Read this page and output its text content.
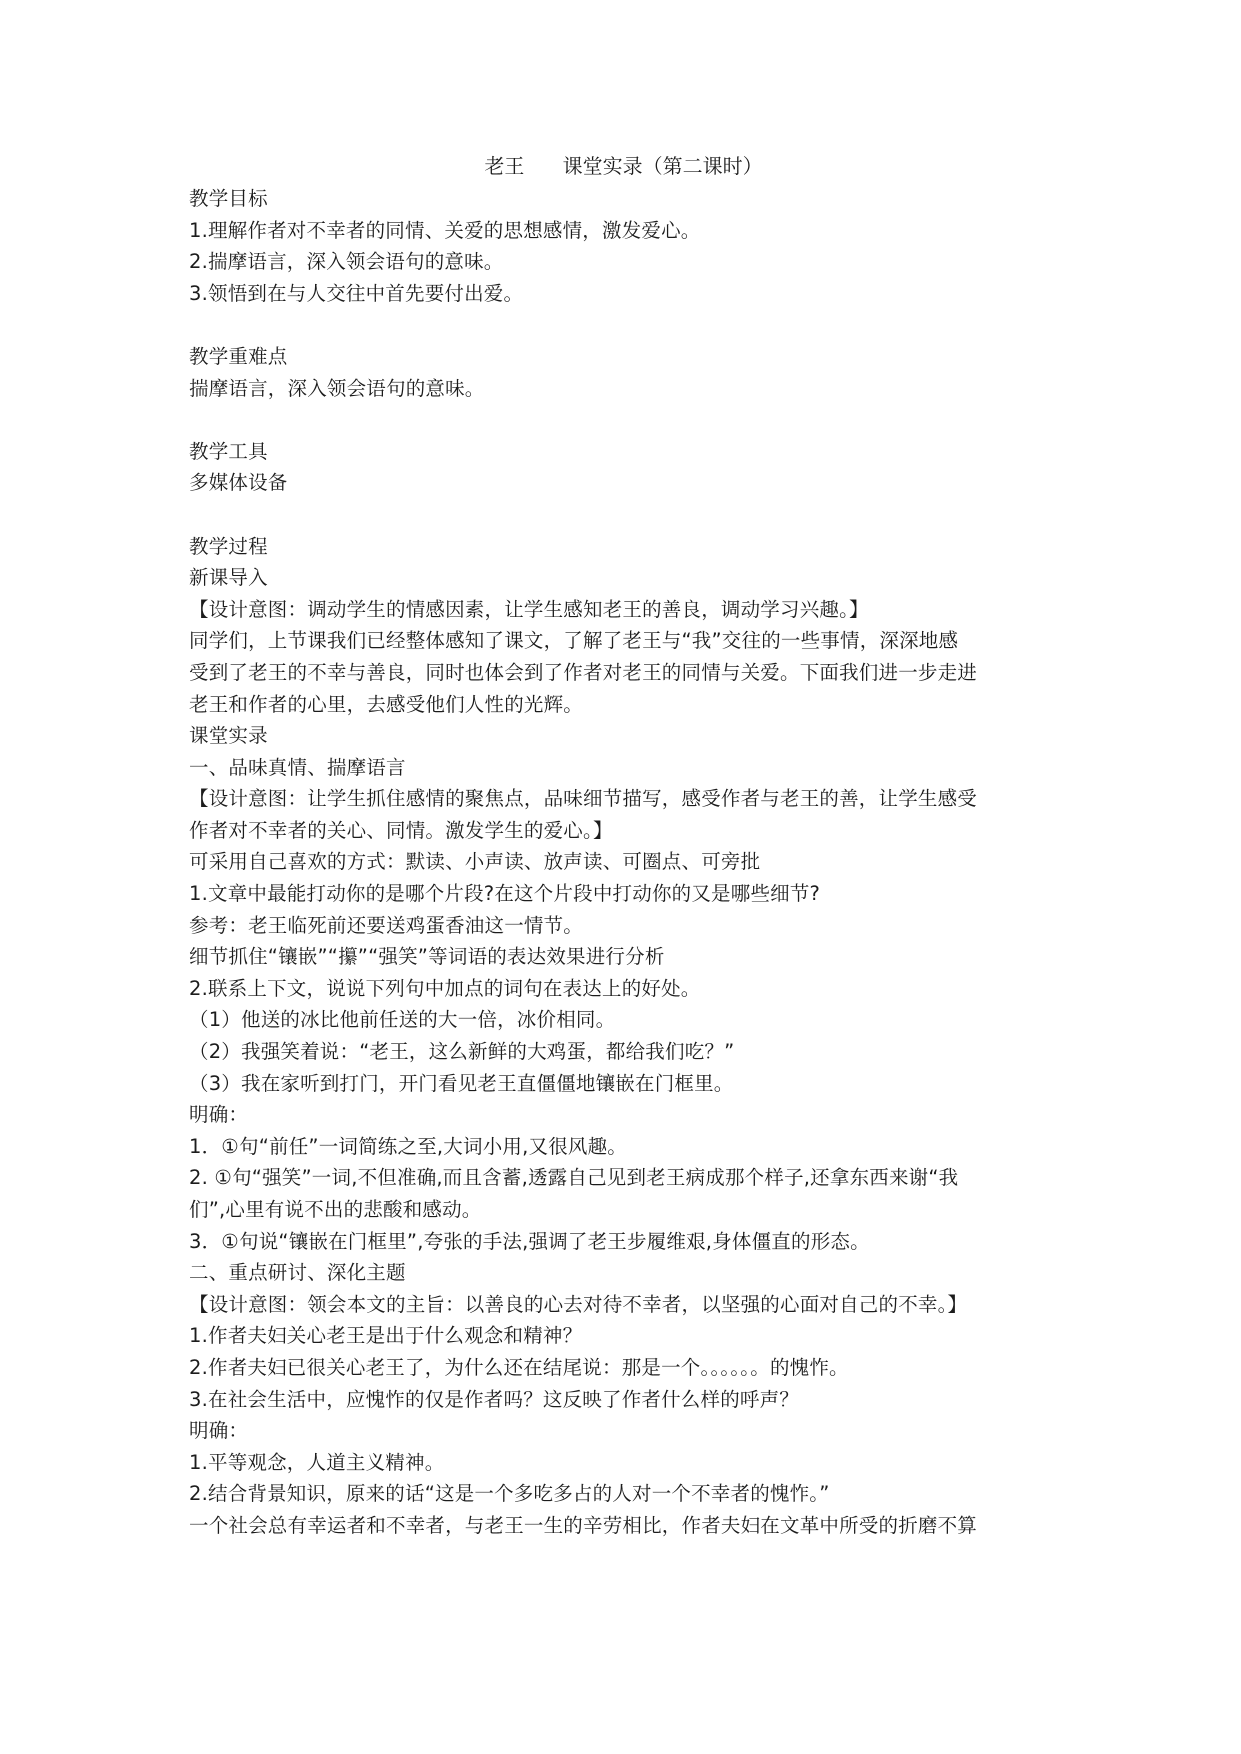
老王      课堂实录（第二课时）

教学目标

1.理解作者对不幸者的同情、关爱的思想感情，激发爱心。

2.揣摩语言，深入领会语句的意味。

3.领悟到在与人交往中首先要付出爱。

教学重难点

揣摩语言，深入领会语句的意味。

教学工具

多媒体设备

教学过程

新课导入

【设计意图：调动学生的情感因素，让学生感知老王的善良，调动学习兴趣。】

同学们，上节课我们已经整体感知了课文，了解了老王与“我”交往的一些事情，深深地感

受到了老王的不幸与善良，同时也体会到了作者对老王的同情与关爱。下面我们进一步走进

老王和作者的心里，去感受他们人性的光辉。

课堂实录

一、品味真情、揣摩语言

【设计意图：让学生抓住感情的聚焦点，品味细节描写，感受作者与老王的善，让学生感受

作者对不幸者的关心、同情。激发学生的爱心。】

可采用自己喜欢的方式：默读、小声读、放声读、可圈点、可旁批

1.文章中最能打动你的是哪个片段?在这个片段中打动你的又是哪些细节?

参考：老王临死前还要送鸡蛋香油这一情节。

细节抓住“镶嵌”“攥”“强笑”等词语的表达效果进行分析

2.联系上下文，说说下列句中加点的词句在表达上的好处。

（1）他送的冰比他前任送的大一倍，冰价相同。

（2）我强笑着说：“老王，这么新鲜的大鸡蛋，都给我们吃？”

（3）我在家听到打门，开门看见老王直僵僵地镶嵌在门框里。

明确：

1．①句“前任”一词简练之至,大词小用,又很风趣。

2. ①句“强笑”一词,不但准确,而且含蓄,透露自己见到老王病成那个样子,还拿东西来谢“我

们”,心里有说不出的悲酸和感动。

3．①句说“镶嵌在门框里”,夸张的手法,强调了老王步履维艰,身体僵直的形态。

二、重点研讨、深化主题

【设计意图：领会本文的主旨：以善良的心去对待不幸者，以坚强的心面对自己的不幸。】

1.作者夫妇关心老王是出于什么观念和精神？

2.作者夫妇已很关心老王了，为什么还在结尾说：那是一个。。。。。。的愧怍。

3.在社会生活中，应愧怍的仅是作者吗？这反映了作者什么样的呼声？

明确：

1.平等观念，人道主义精神。

2.结合背景知识，原来的话“这是一个多吃多占的人对一个不幸者的愧怍。”

一个社会总有幸运者和不幸者，与老王一生的辛劳相比，作者夫妇在文革中所受的折磨不算
